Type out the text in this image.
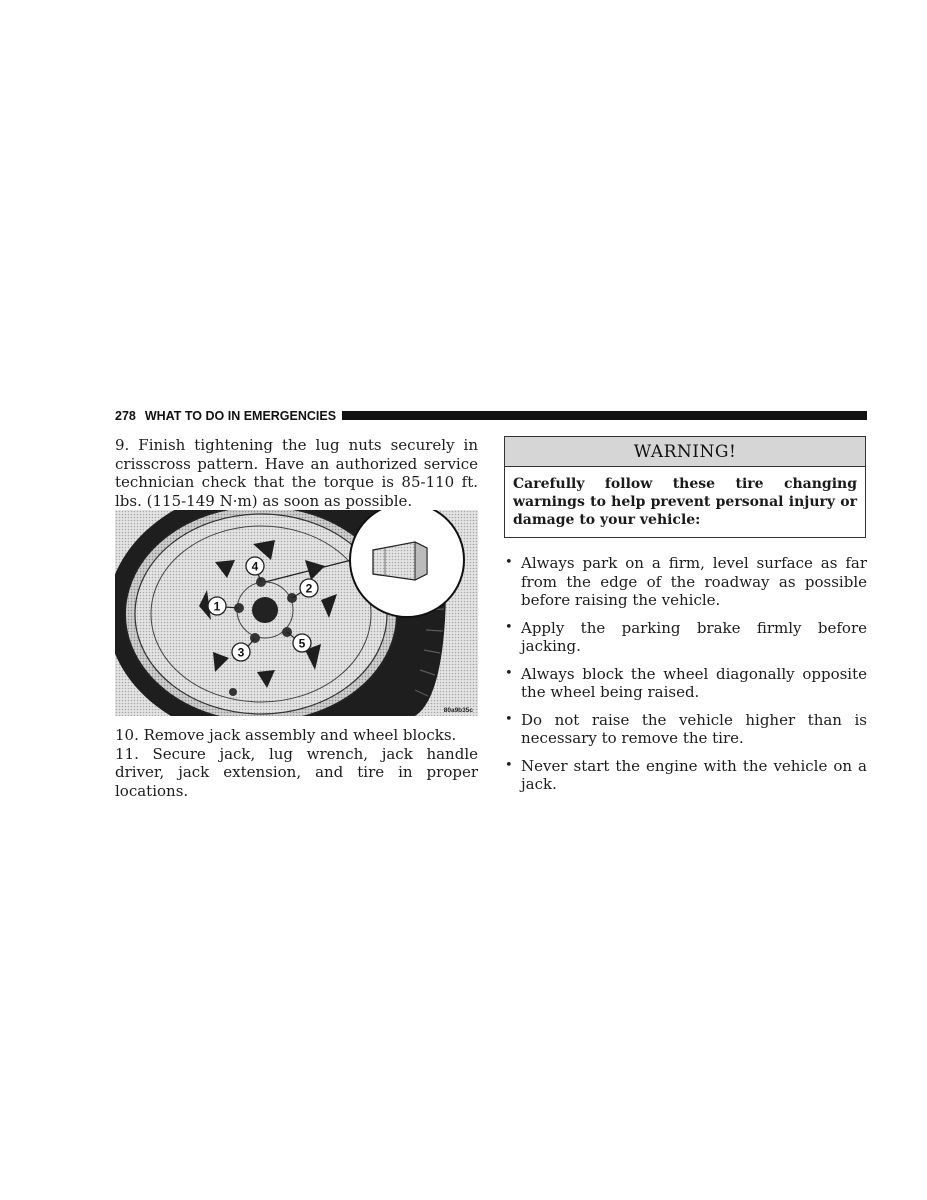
278 WHAT TO DO IN EMERGENCIES

9. Finish tightening the lug nuts securely in crisscross pattern. Have an authorized service technician check that the torque is 85-110 ft. lbs. (115-149 N·m) as soon as possible.

4
2
1
3
5
80a9b35c

10. Remove jack assembly and wheel blocks.

11. Secure jack, lug wrench, jack handle driver, jack extension, and tire in proper locations.

WARNING!
Carefully follow these tire changing warnings to help prevent personal injury or damage to your vehicle:
• Always park on a firm, level surface as far from the edge of the roadway as possible before raising the vehicle.
• Apply the parking brake firmly before jacking.
• Always block the wheel diagonally opposite the wheel being raised.
• Do not raise the vehicle higher than is necessary to remove the tire.
• Never start the engine with the vehicle on a jack.
